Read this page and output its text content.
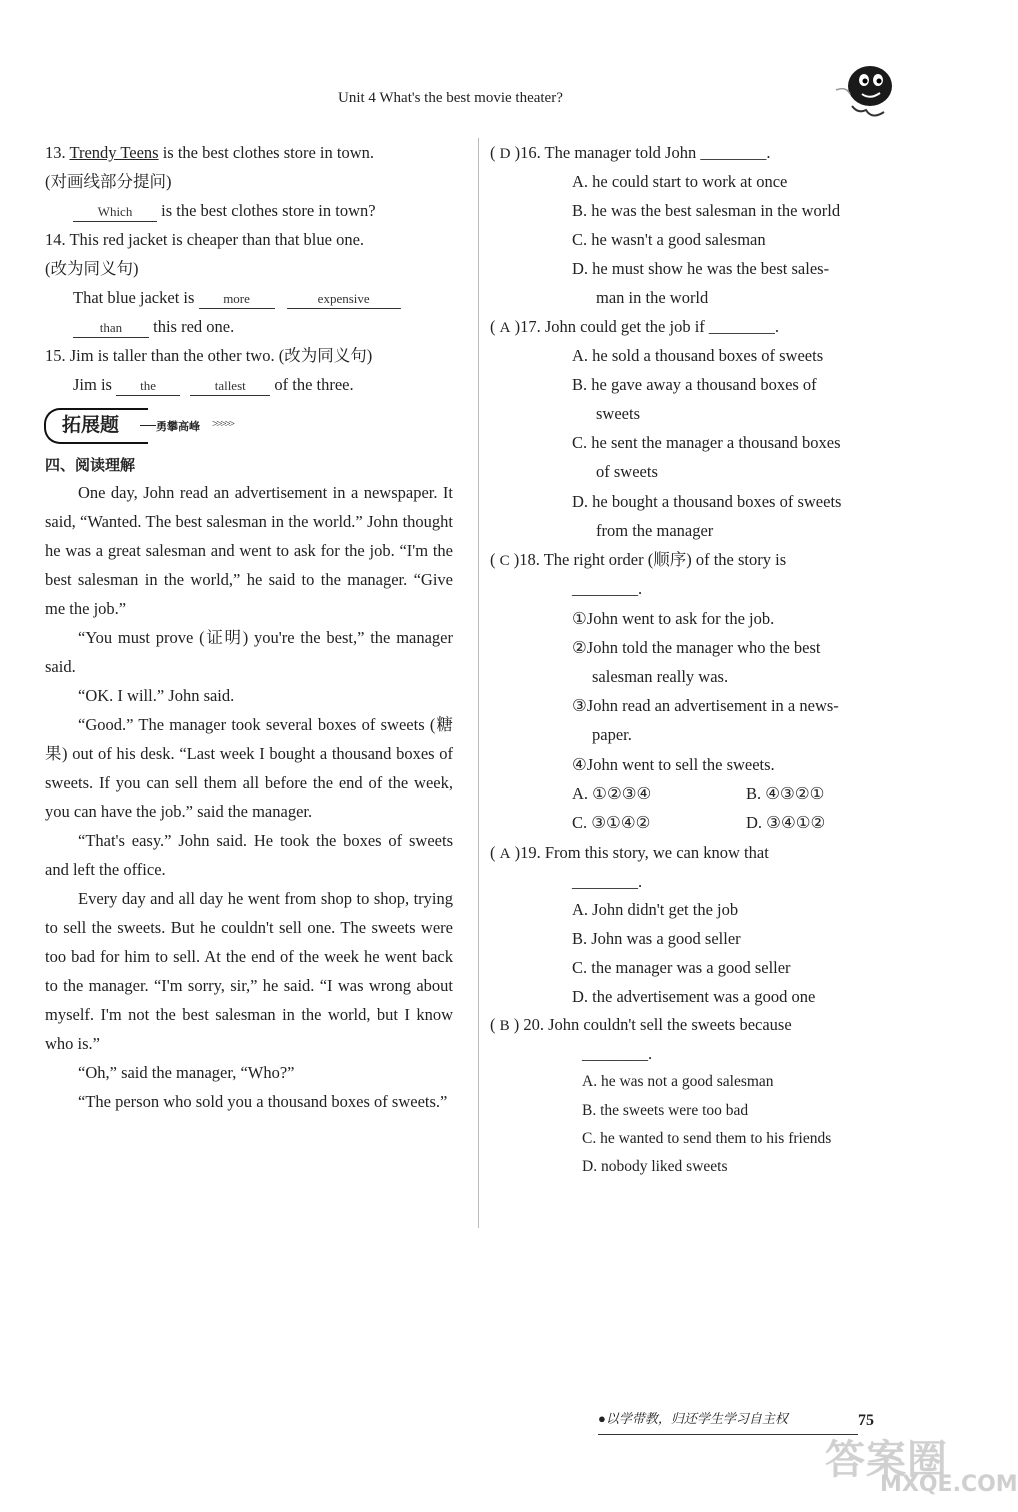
Unit 4 What's the best movie theater?
13. Trendy Teens is the best clothes store in town.
(对画线部分提问)
Which is the best clothes store in town?
14. This red jacket is cheaper than that blue one.
(改为同义句)
That blue jacket is more	expensive
than this red one.
15. Jim is taller than the other two. (改为同义句)
Jim is the	tallest of the three.
拓展题	勇攀高峰 >>>>>
四、阅读理解
One day, John read an advertisement in a newspaper. It said, “Wanted. The best salesman in the world.” John thought he was a great salesman and went to ask for the job. “I'm the best salesman in the world,” he said to the manager. “Give me the job.”
“You must prove (证明) you're the best,” the manager said.
“OK. I will.” John said.
“Good.” The manager took several boxes of sweets (糖果) out of his desk. “Last week I bought a thousand boxes of sweets. If you can sell them all before the end of the week, you can have the job.” said the manager.
“That's easy.” John said. He took the boxes of sweets and left the office.
Every day and all day he went from shop to shop, trying to sell the sweets. But he couldn't sell one. The sweets were too bad for him to sell. At the end of the week he went back to the manager. “I'm sorry, sir,” he said. “I was wrong about myself. I'm not the best salesman in the world, but I know who is.”
“Oh,” said the manager, “Who?”
“The person who sold you a thousand boxes of sweets.”
( D )16. The manager told John ________.
A. he could start to work at once
B. he was the best salesman in the world
C. he wasn't a good salesman
D. he must show he was the best sales-
man in the world
( A )17. John could get the job if ________.
A. he sold a thousand boxes of sweets
B. he gave away a thousand boxes of
sweets
C. he sent the manager a thousand boxes
of sweets
D. he bought a thousand boxes of sweets
from the manager
( C )18. The right order (顺序) of the story is
________.
①John went to ask for the job.
②John told the manager who the best
salesman really was.
③John read an advertisement in a news-
paper.
④John went to sell the sweets.
A. ①②③④	B. ④③②①
C. ③①④②	D. ③④①②
( A )19. From this story, we can know that
________.
A. John didn't get the job
B. John was a good seller
C. the manager was a good seller
D. the advertisement was a good one
( B ) 20. John couldn't sell the sweets because
________.
A. he was not a good salesman
B. the sweets were too bad
C. he wanted to send them to his friends
D. nobody liked sweets
●以学带教，归还学生学习自主权	75
答案圈
MXQE.COM
